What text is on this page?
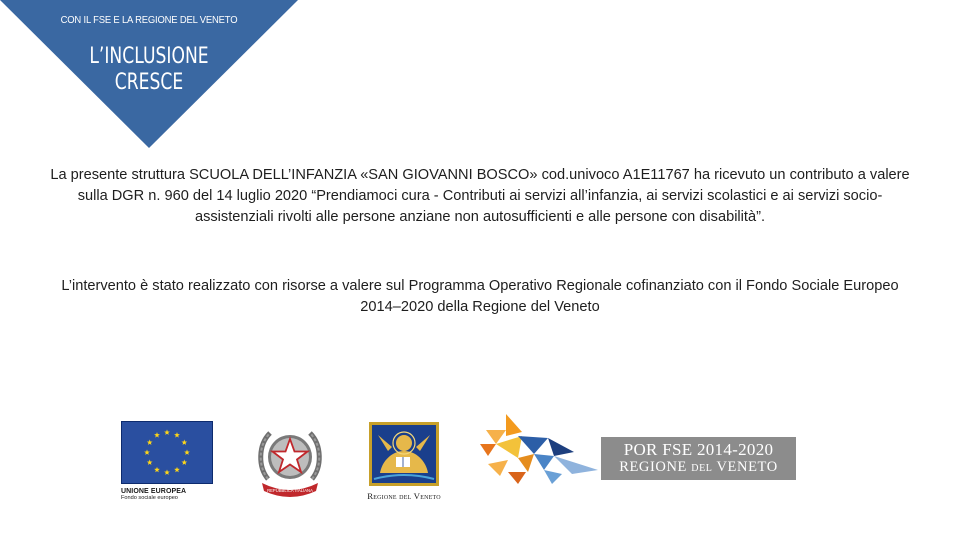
CON IL FSE E LA REGIONE DEL VENETO
L’INCLUSIONE
CRESCE
La presente struttura SCUOLA DELL’INFANZIA «SAN GIOVANNI BOSCO» cod.univoco A1E11767 ha ricevuto un contributo a valere sulla DGR n. 960 del 14 luglio 2020 “Prendiamoci cura - Contributi ai servizi all’infanzia, ai servizi scolastici e ai servizi socio-assistenziali rivolti alle persone anziane non autosufficienti e alle persone con disabilità”.
L’intervento è stato realizzato con risorse a valere sul Programma Operativo Regionale cofinanziato con il Fondo Sociale Europeo 2014–2020 della Regione del Veneto
UNIONE EUROPEA
Fondo sociale europeo
REPUBBLICA ITALIANA
Regione del Veneto
POR FSE 2014-2020
REGIONE DEL VENETO
